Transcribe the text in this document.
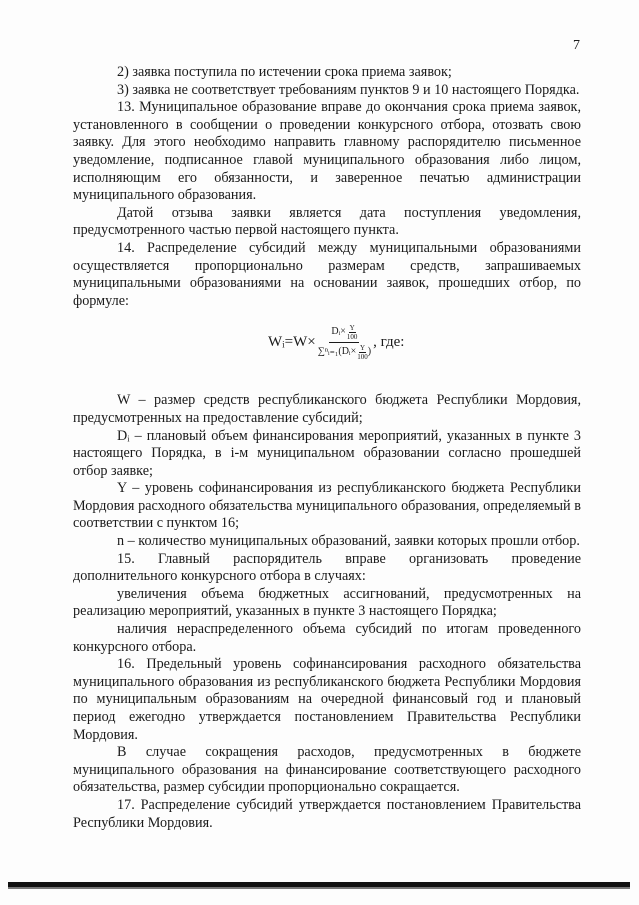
7

2) заявка поступила по истечении срока приема заявок;

3) заявка не соответствует требованиям пунктов 9 и 10 настоящего Порядка.

13. Муниципальное образование вправе до окончания срока приема заявок, установленного в сообщении о проведении конкурсного отбора, отозвать свою заявку. Для этого необходимо направить главному распорядителю письменное уведомление, подписанное главой муниципального образования либо лицом, исполняющим его обязанности, и заверенное печатью администрации муниципального образования.

Датой отзыва заявки является дата поступления уведомления, предусмотренного частью первой настоящего пункта.

14. Распределение субсидий между муниципальными образованиями осуществляется пропорционально размерам средств, запрашиваемых муниципальными образованиями на основании заявок, прошедших отбор, по формуле:

Wᵢ=W×
Dᵢ× $\frac{Y}{100}$
∑ⁿᵢ₌₁(Dᵢ× $\frac{Y}{100}$ )
, где:

W – размер средств республиканского бюджета Республики Мордовия, предусмотренных на предоставление субсидий;

Dᵢ – плановый объем финансирования мероприятий, указанных в пункте 3 настоящего Порядка, в i-м муниципальном образовании согласно прошедшей отбор заявке;

Y – уровень софинансирования из республиканского бюджета Республики Мордовия расходного обязательства муниципального образования, определяемый в соответствии с пунктом 16;

n – количество муниципальных образований, заявки которых прошли отбор.

15. Главный распорядитель вправе организовать проведение дополнительного конкурсного отбора в случаях:

увеличения объема бюджетных ассигнований, предусмотренных на реализацию мероприятий, указанных в пункте 3 настоящего Порядка;

наличия нераспределенного объема субсидий по итогам проведенного конкурсного отбора.

16. Предельный уровень софинансирования расходного обязательства муниципального образования из республиканского бюджета Республики Мордовия по муниципальным образованиям на очередной финансовый год и плановый период ежегодно утверждается постановлением Правительства Республики Мордовия.

В случае сокращения расходов, предусмотренных в бюджете муниципального образования на финансирование соответствующего расходного обязательства, размер субсидии пропорционально сокращается.

17. Распределение субсидий утверждается постановлением Правительства Республики Мордовия.
